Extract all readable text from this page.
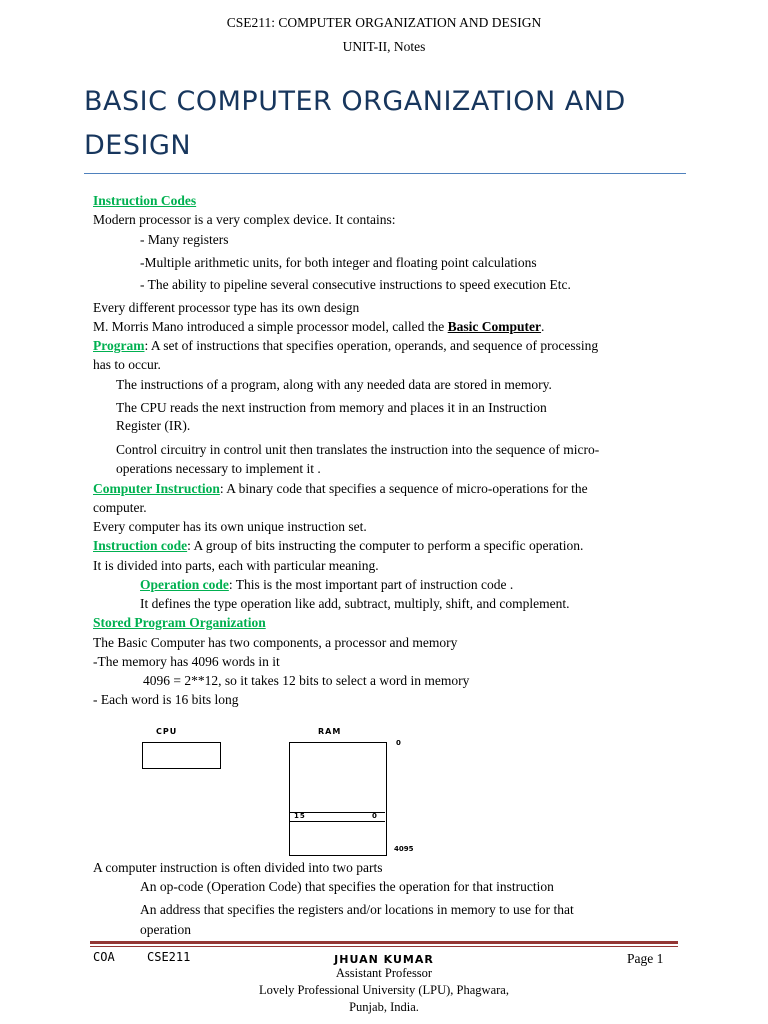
CSE211: COMPUTER ORGANIZATION AND DESIGN
UNIT-II, Notes
BASIC COMPUTER ORGANIZATION AND
DESIGN
Instruction Codes
Modern processor is a very complex device. It contains:
- Many registers
-Multiple arithmetic units, for both integer and floating point calculations
- The ability to pipeline several consecutive instructions to speed execution Etc.
Every different processor type has its own design
M. Morris Mano introduced a simple processor model, called the Basic Computer.
Program: A set of instructions that specifies operation, operands, and sequence of processing
has to occur.
The instructions of a program, along with any needed data are stored in memory.
The CPU reads the next instruction from memory and places it in an Instruction
Register (IR).
Control circuitry in control unit then translates the instruction into the sequence of micro-
operations necessary to implement it .
Computer Instruction: A binary code that specifies a sequence of micro-operations for the
computer.
Every computer has its own unique instruction set.
Instruction code: A group of bits instructing the computer to perform a specific operation.
It is divided into parts, each with particular meaning.
Operation code: This is the most important part of instruction code .
It defines the type operation like add, subtract, multiply, shift, and complement.
Stored Program Organization
The Basic Computer has two components, a processor and memory
-The memory has 4096 words in it
4096 = 2**12, so it takes 12 bits to select a word in memory
- Each word is 16 bits long
CPU	RAM
15	0
0
4095
A computer instruction is often divided into two parts
An op-code (Operation Code) that specifies the operation for that instruction
An address that specifies the registers and/or locations in memory to use for that
operation
COA	CSE211	JHUAN KUMAR	Page 1
Assistant Professor
Lovely Professional University (LPU), Phagwara,
Punjab, India.
